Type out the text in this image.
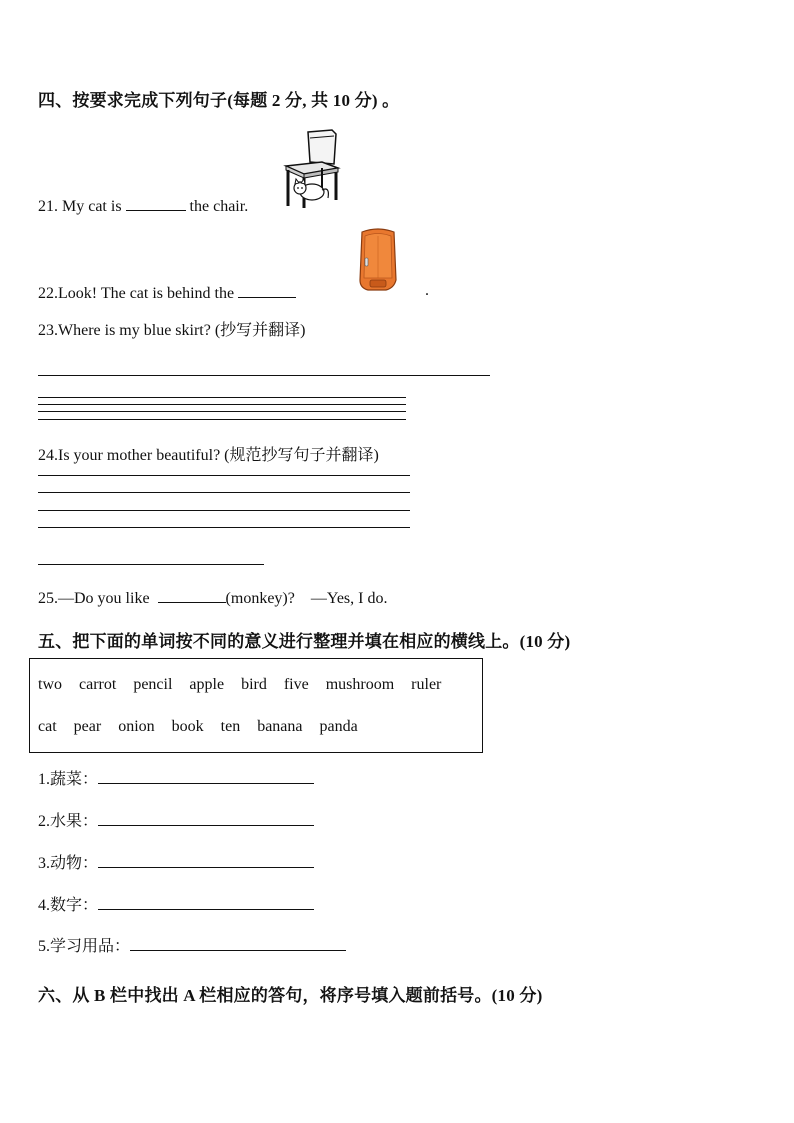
四、按要求完成下列句子(每题 2 分, 共 10 分) 。
21. My cat is	the chair.
22.Look! The cat is behind the	.
23.Where is my blue skirt? (抄写并翻译)
24.Is your mother beautiful? (规范抄写句子并翻译)
25.—Do you like	(monkey)? —Yes, I do.
五、把下面的单词按不同的意义进行整理并填在相应的横线上。(10 分)
two carrot pencil apple bird five mushroom ruler
cat pear onion book ten banana panda
1.蔬菜：
2.水果：
3.动物：
4.数字：
5.学习用品：
六、从 B 栏中找出 A 栏相应的答句，将序号填入题前括号。(10 分)
